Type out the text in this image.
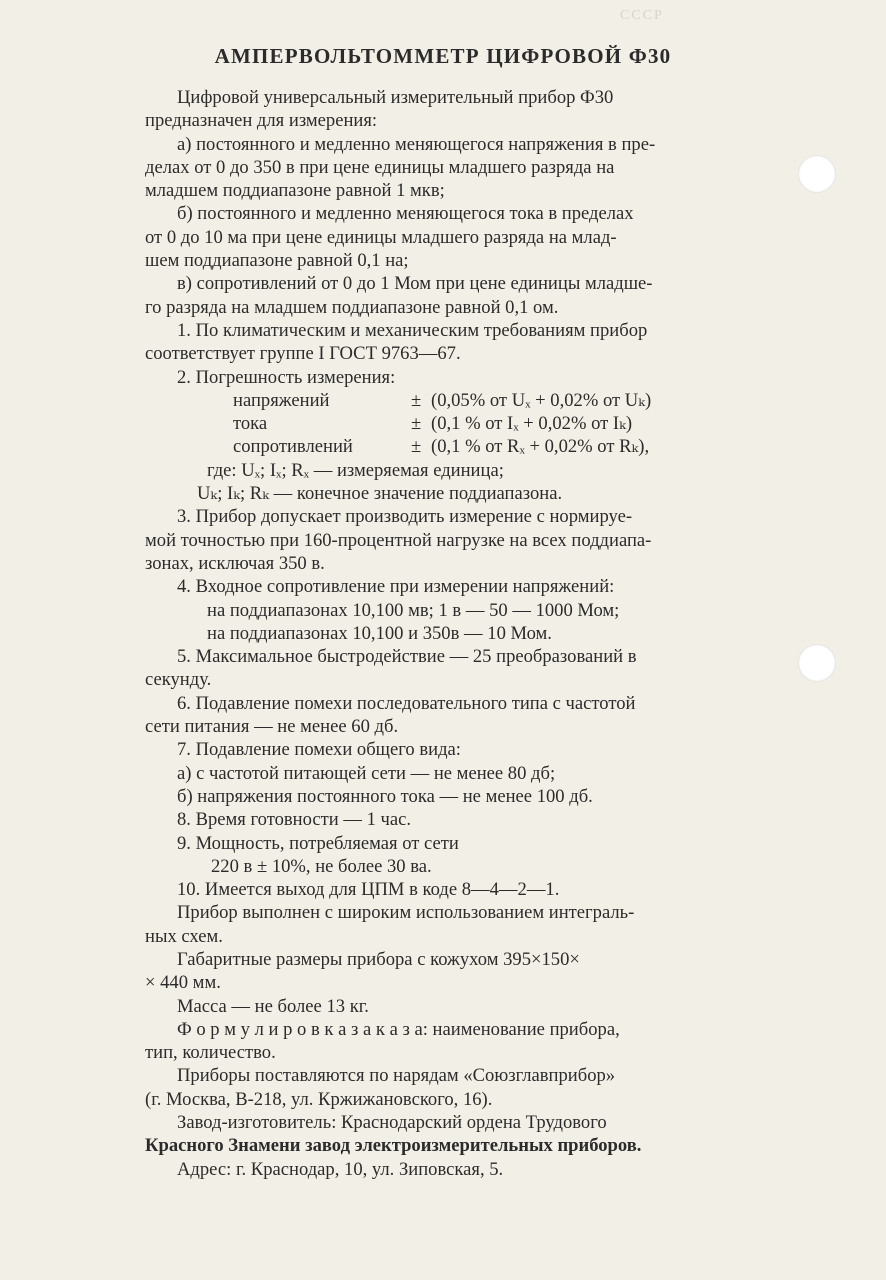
СССР
АМПЕРВОЛЬТОММЕТР ЦИФРОВОЙ Ф30
Цифровой универсальный измерительный прибор Ф30
предназначен для измерения:
а) постоянного и медленно меняющегося напряжения в пре-
делах от 0 до 350 в при цене единицы младшего разряда на
младшем поддиапазоне равной 1 мкв;
б) постоянного и медленно меняющегося тока в пределах
от 0 до 10 ма при цене единицы младшего разряда на млад-
шем поддиапазоне равной 0,1 на;
в) сопротивлений от 0 до 1 Мом при цене единицы младше-
го разряда на младшем поддиапазоне равной 0,1 ом.
1. По климатическим и механическим требованиям прибор
соответствует группе I ГОСТ 9763—67.
2. Погрешность измерения:
напряжений	± (0,05% от Uₓ + 0,02% от Uₖ)
тока	± (0,1 % от Iₓ + 0,02% от Iₖ)
сопротивлений	± (0,1 % от Rₓ + 0,02% от Rₖ),
где: Uₓ; Iₓ; Rₓ — измеряемая единица;
Uₖ; Iₖ; Rₖ — конечное значение поддиапазона.
3. Прибор допускает производить измерение с нормируе-
мой точностью при 160-процентной нагрузке на всех поддиапа-
зонах, исключая 350 в.
4. Входное сопротивление при измерении напряжений:
на поддиапазонах 10,100 мв; 1 в — 50 — 1000 Мом;
на поддиапазонах 10,100 и 350в — 10 Мом.
5. Максимальное быстродействие — 25 преобразований в
секунду.
6. Подавление помехи последовательного типа с частотой
сети питания — не менее 60 дб.
7. Подавление помехи общего вида:
а) с частотой питающей сети — не менее 80 дб;
б) напряжения постоянного тока — не менее 100 дб.
8. Время готовности — 1 час.
9. Мощность, потребляемая от сети
220 в ± 10%, не более 30 ва.
10. Имеется выход для ЦПМ в коде 8—4—2—1.
Прибор выполнен с широким использованием интеграль-
ных схем.
Габаритные размеры прибора с кожухом 395×150×
× 440 мм.
Масса — не более 13 кг.
Ф о р м у л и р о в к а з а к а з а: наименование прибора,
тип, количество.
Приборы поставляются по нарядам «Союзглавприбор»
(г. Москва, В-218, ул. Кржижановского, 16).
Завод-изготовитель: Краснодарский ордена Трудового
Красного Знамени завод электроизмерительных приборов.
Адрес: г. Краснодар, 10, ул. Зиповская, 5.
